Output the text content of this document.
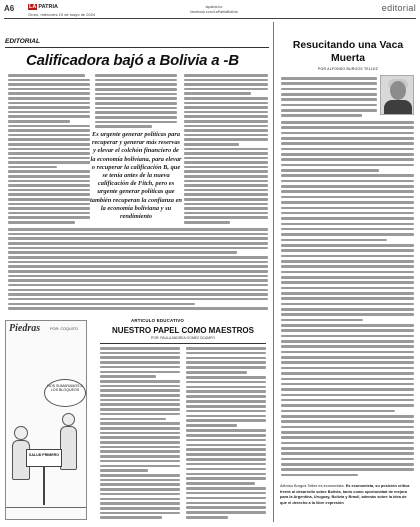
A6	LA PATRIA
Oruro, miércoles 15 de mayo de 2024
lapatria.bo
facebook.com/LaPatriaBolivia	editorial
EDITORIAL
Calificadora bajó a Bolivia a -B
Es urgente generar políticas para recuperar y generar más reservas y elevar el colchón financiero de la economía boliviana, para elevar o recuperar la calificación B, que se tenía antes de la nueva calificación de Fitch, pero es urgente generar políticas que también recuperan la confianza en la economía boliviana y su rendimiento
Resucitando una Vaca Muerta
POR ALFONSO BURGOS TELLEZ
Alfonso Burgos Tellez es economista. Es economista, su posición critica frente al desarrollo sobre Bolivia, tanto como oportunidad de mejora para la Argentina, Uruguay, Bolivia y Brasil, además sobre la idea de que el derecho a la libre expresión
Piedras	POR: COQUITO
NOS SUMARAMOS A LOS BLOQUEOS
SALUD PRIMERO
ARTICULO EDUCATIVO
NUESTRO PAPEL COMO MAESTROS
POR: PAULA ANDREA GOMEZ OCAMPO
